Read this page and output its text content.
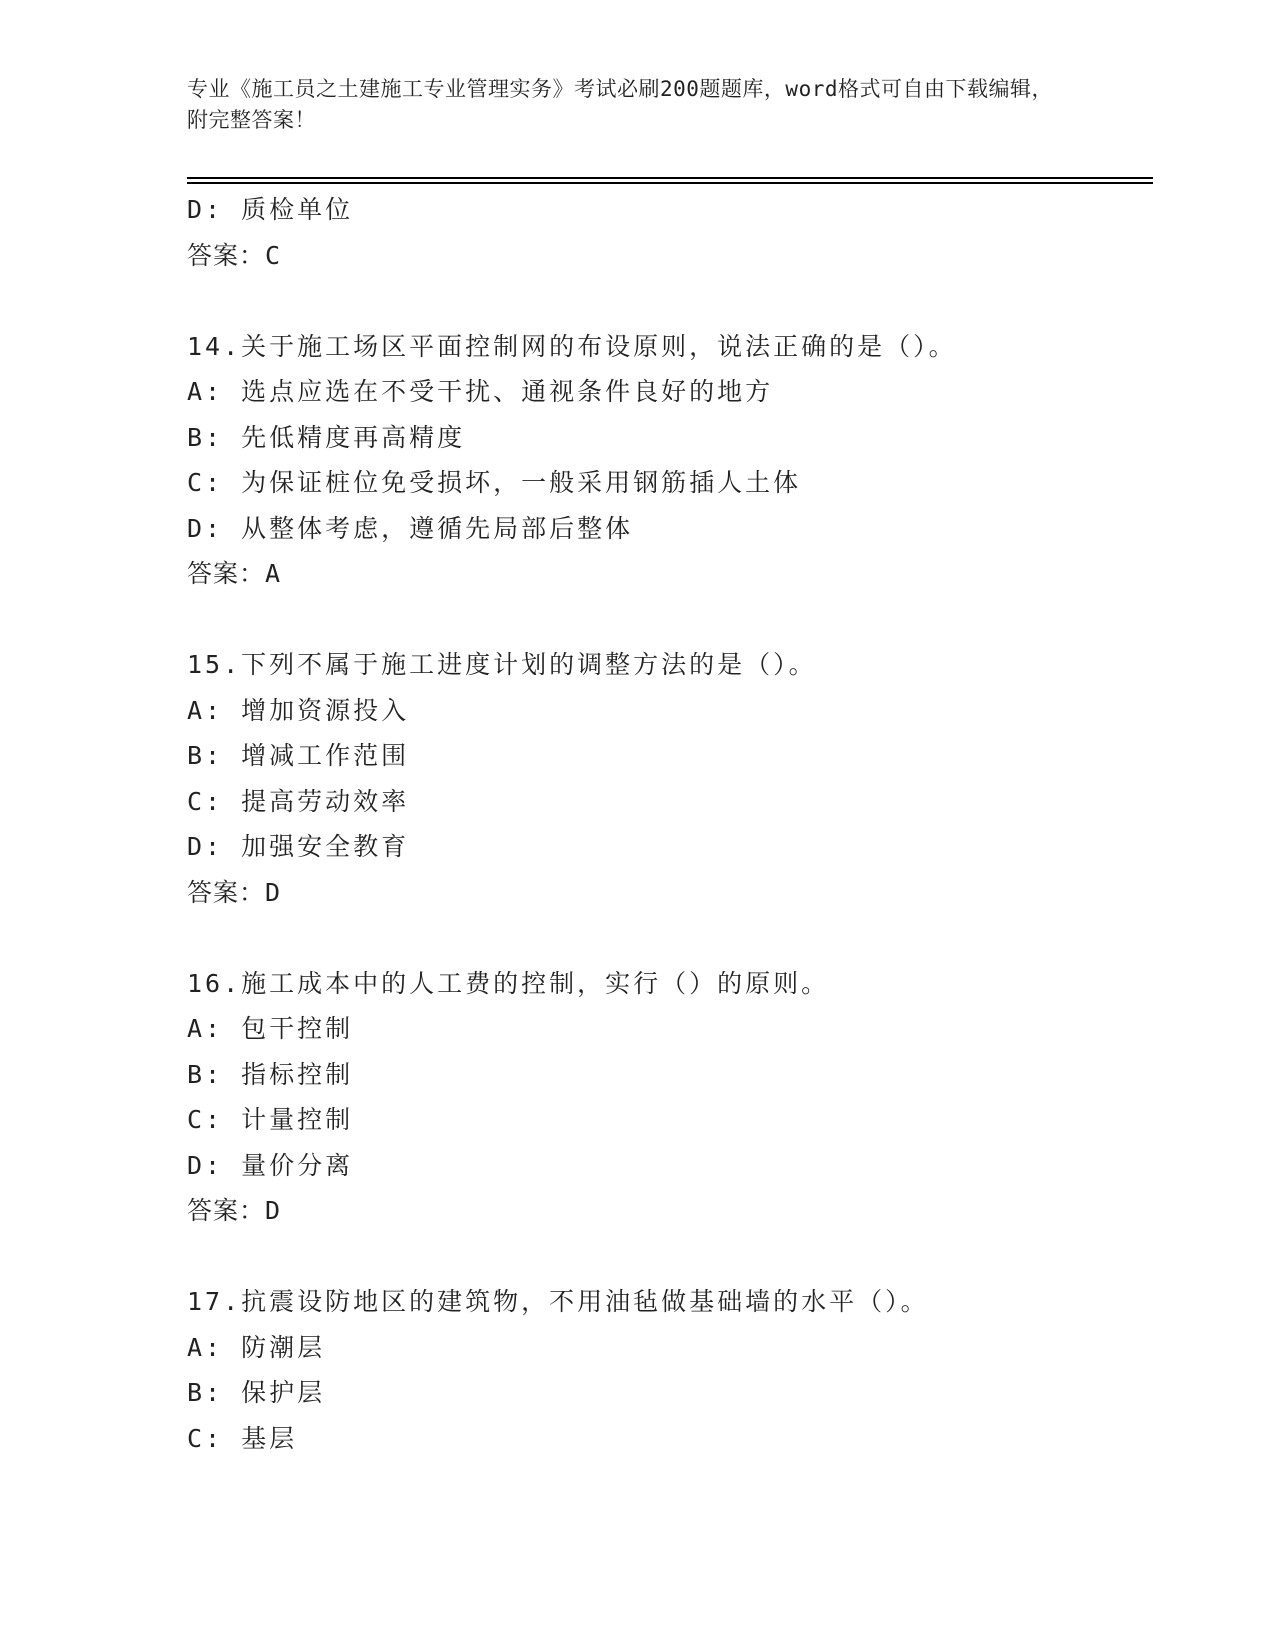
专业《施工员之土建施工专业管理实务》考试必刷200题题库，word格式可自由下载编辑，附完整答案！
D: 质检单位
答案：C
14.关于施工场区平面控制网的布设原则，说法正确的是（）。
A: 选点应选在不受干扰、通视条件良好的地方
B: 先低精度再高精度
C: 为保证桩位免受损坏，一般采用钢筋插人土体
D: 从整体考虑，遵循先局部后整体
答案：A
15.下列不属于施工进度计划的调整方法的是（）。
A: 增加资源投入
B: 增减工作范围
C: 提高劳动效率
D: 加强安全教育
答案：D
16.施工成本中的人工费的控制，实行（）的原则。
A: 包干控制
B: 指标控制
C: 计量控制
D: 量价分离
答案：D
17.抗震设防地区的建筑物，不用油毡做基础墙的水平（）。
A: 防潮层
B: 保护层
C: 基层
